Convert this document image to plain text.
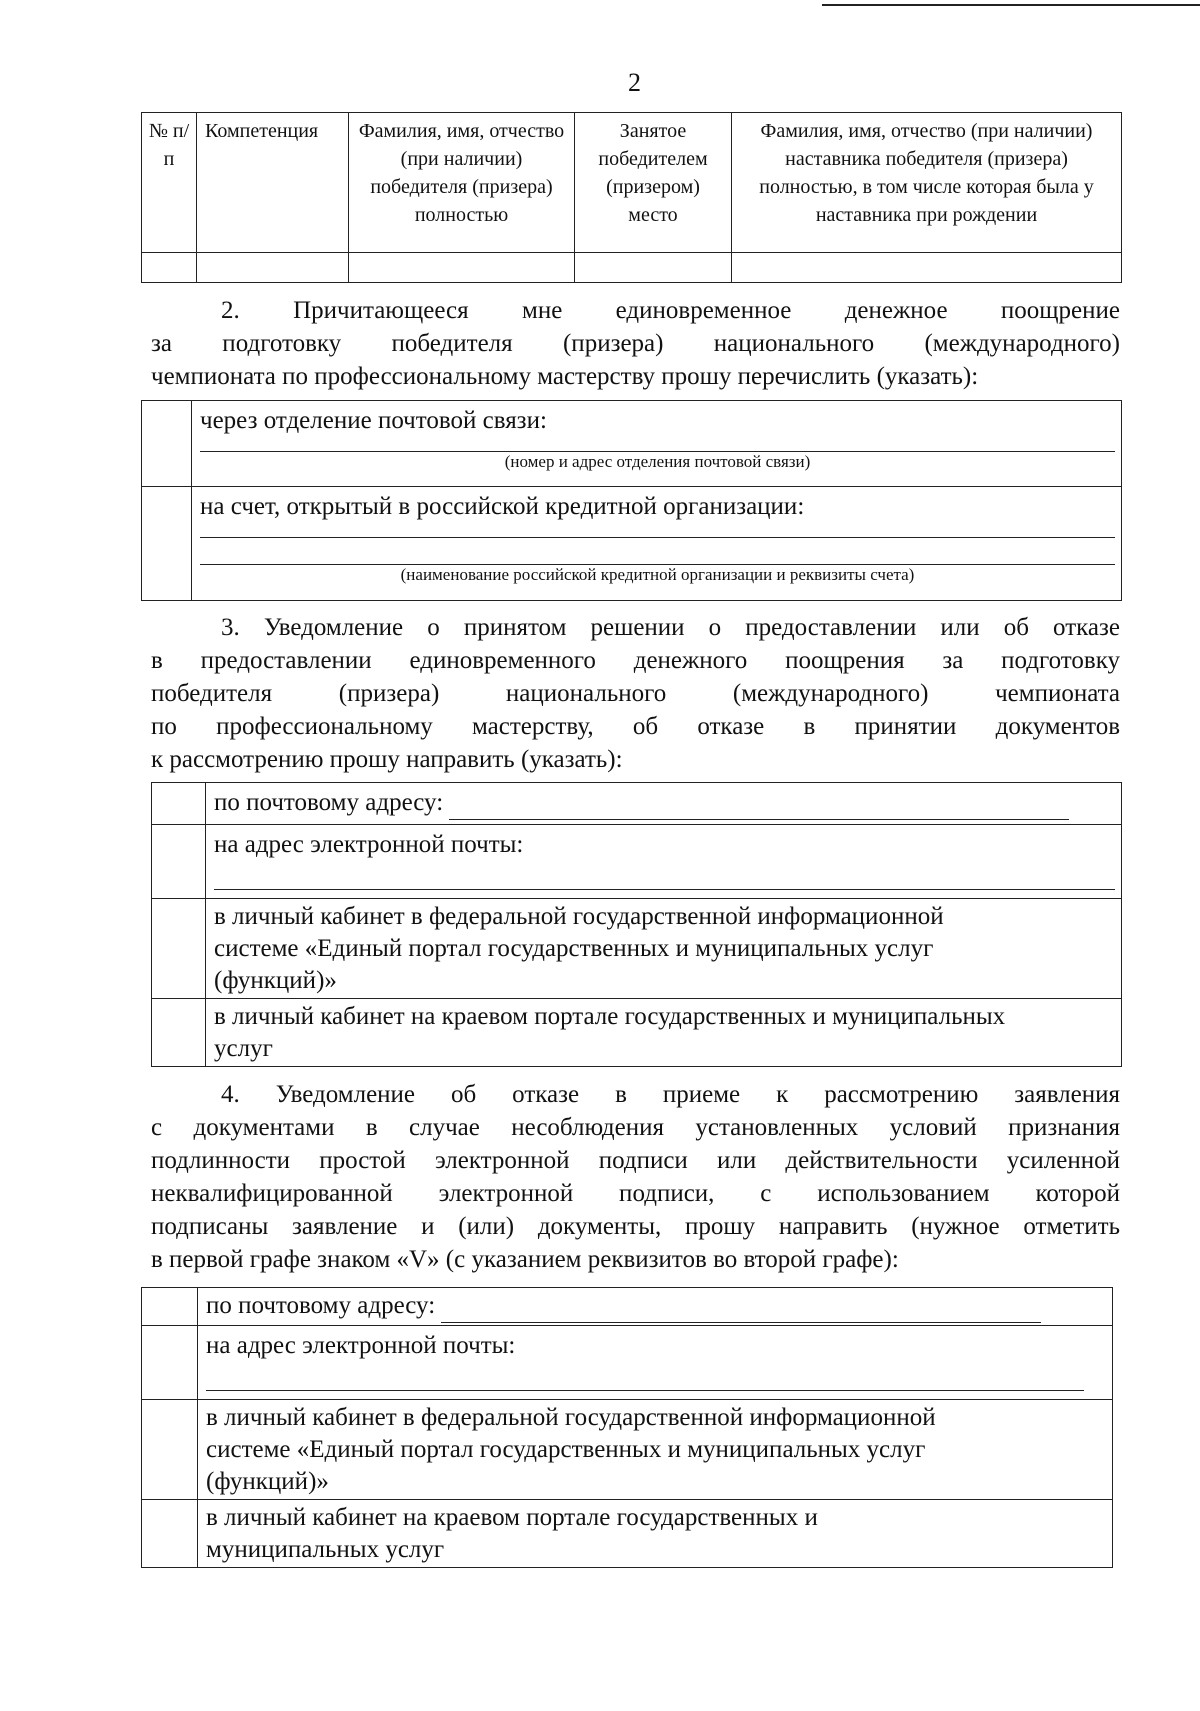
2
№ п/п	Компетенция	Фамилия, имя, отчество (при наличии) победителя (призера) полностью	Занятое победителем (призером) место	Фамилия, имя, отчество (при наличии) наставника победителя (призера) полностью, в том числе которая была у наставника при рождении

2. Причитающееся мне единовременное денежное поощрение

за подготовку победителя (призера) национального (международного)

чемпионата по профессиональному мастерству прошу перечислить (указать):

	через отделение почтовой связи:
(номер и адрес отделения почтовой связи)

	на счет, открытый в российской кредитной организации:
(наименование российской кредитной организации и реквизиты счета)

3. Уведомление о принятом решении о предоставлении или об отказе

в предоставлении единовременного денежного поощрения за подготовку

победителя (призера) национального (международного) чемпионата

по профессиональному мастерству, об отказе в принятии документов

к рассмотрению прошу направить (указать):

	по почтовому адресу:

	на адрес электронной почты:

	в личный кабинет в федеральной государственной информационной
системе «Единый портал государственных и муниципальных услуг
(функций)»

	в личный кабинет на краевом портале государственных и муниципальных
услуг

4. Уведомление об отказе в приеме к рассмотрению заявления

с документами в случае несоблюдения установленных условий признания

подлинности простой электронной подписи или действительности усиленной

неквалифицированной электронной подписи, с использованием которой

подписаны заявление и (или) документы, прошу направить (нужное отметить

в первой графе знаком «V» (с указанием реквизитов во второй графе):

	по почтовому адресу:

	на адрес электронной почты:

	в личный кабинет в федеральной государственной информационной
системе «Единый портал государственных и муниципальных услуг
(функций)»

	в личный кабинет на краевом портале государственных и
муниципальных услуг
